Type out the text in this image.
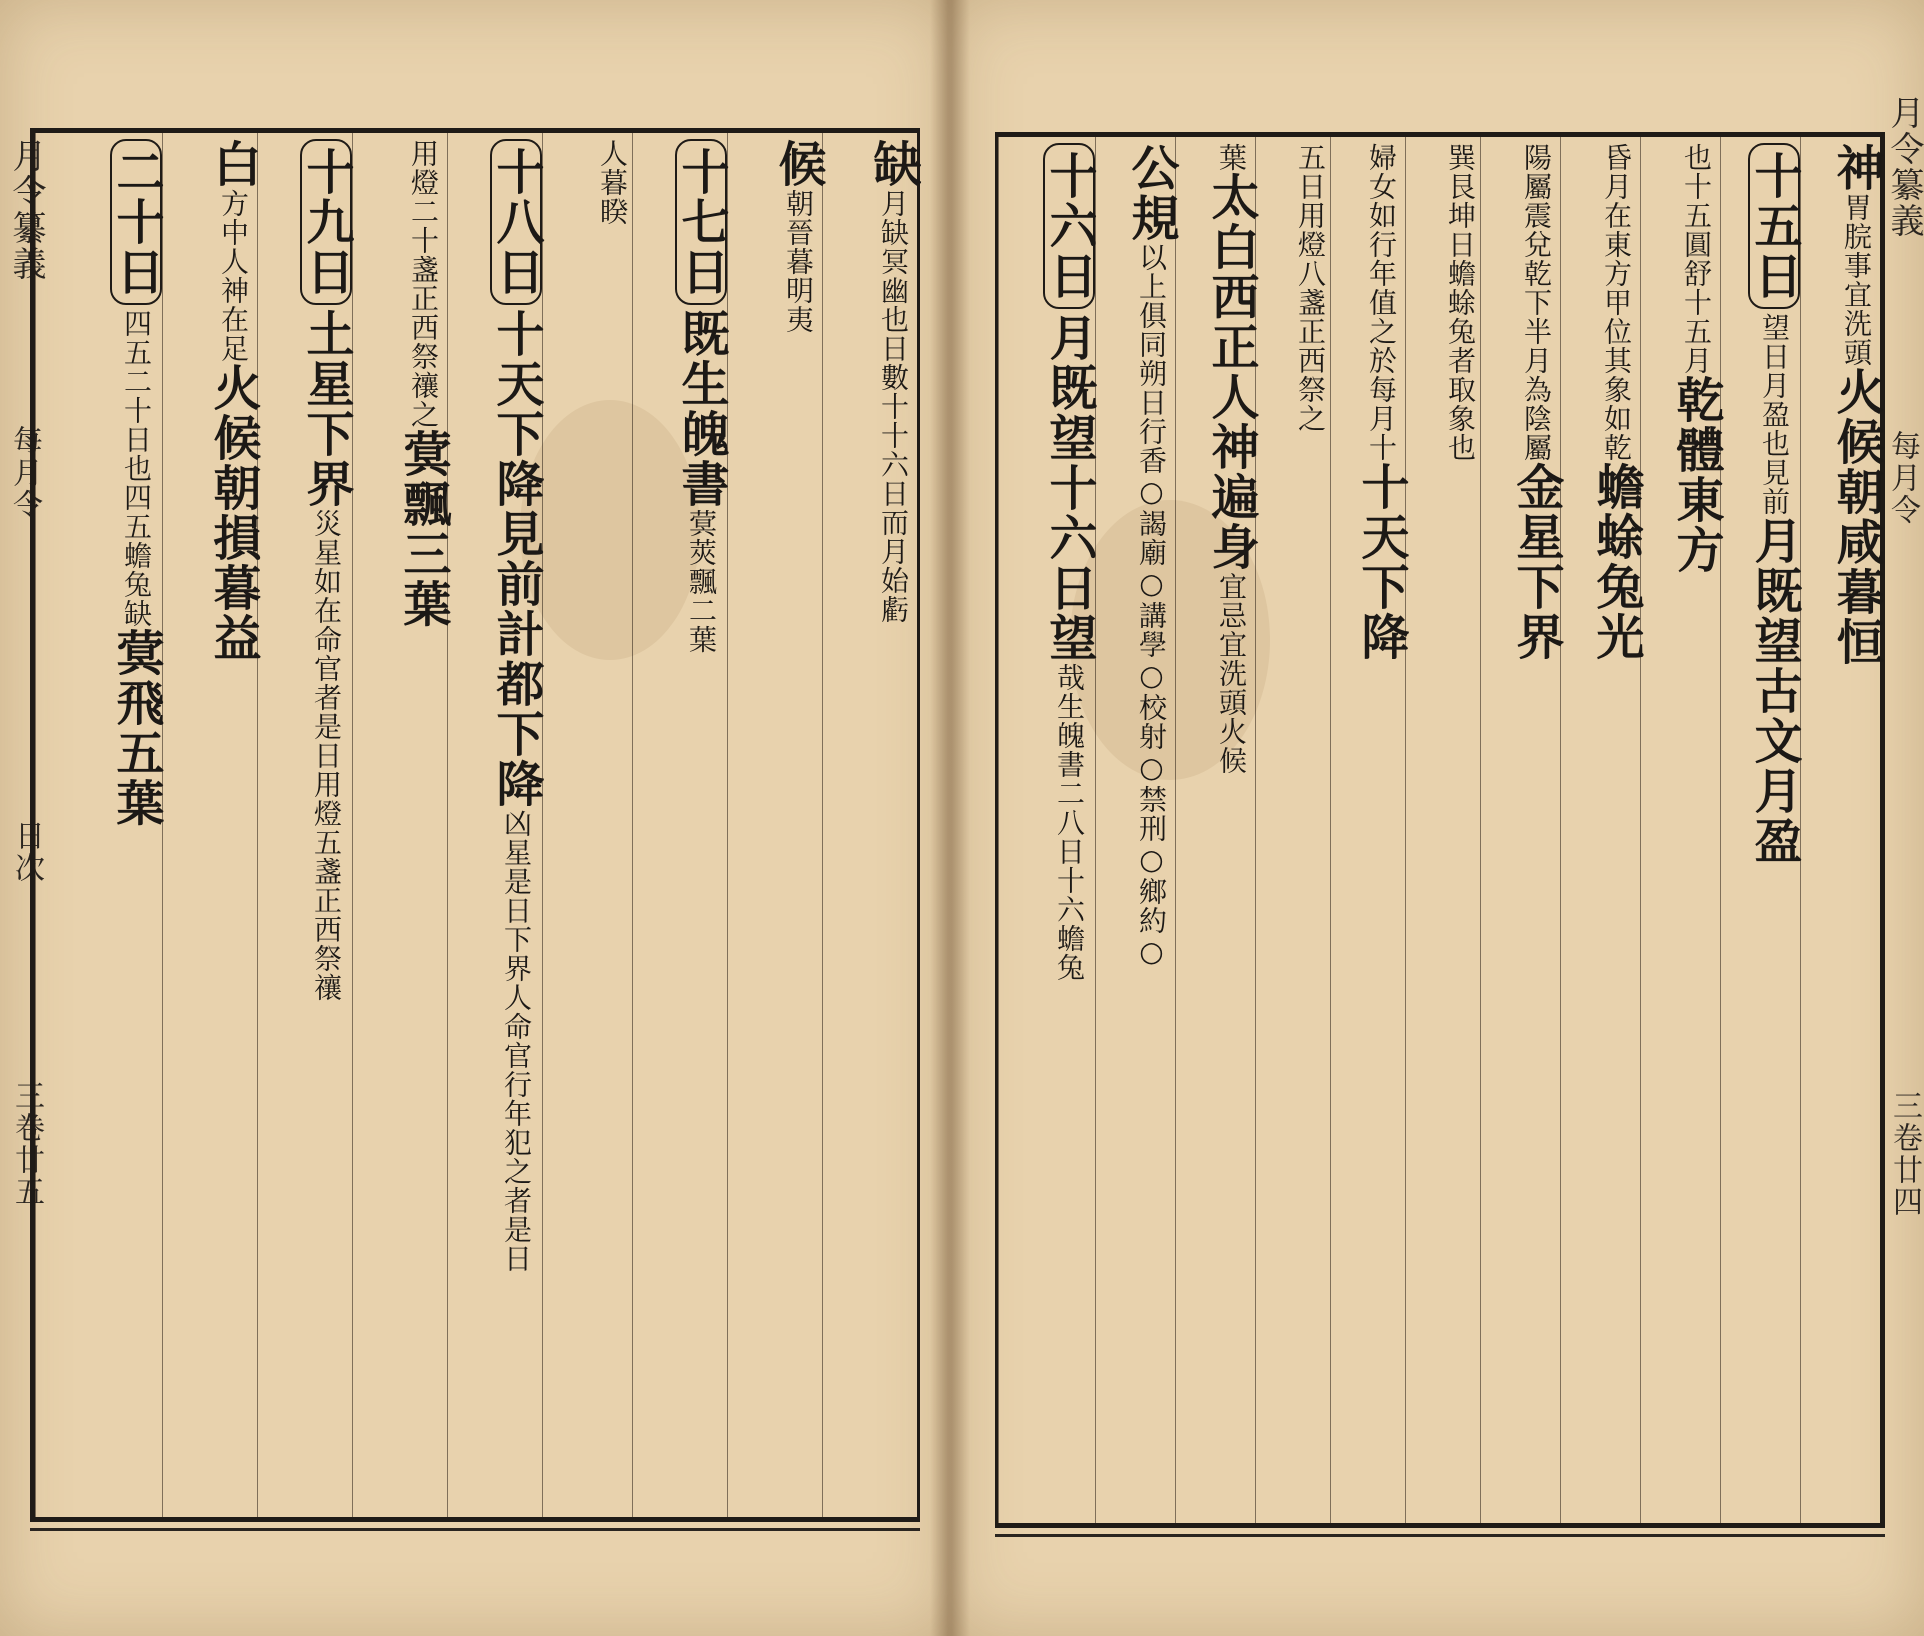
月令纂義
每月令
日次
三卷廿五
缺月缺冥幽也日數十十六日而月始虧
候朝晉暮明夷
十七日既生魄書蓂莢飄二葉
人暮睽
十八日十天下降見前計都下降凶星是日下界人命官行年犯之者是日
用燈二十盞正西祭禳之蓂飄三葉
十九日土星下界災星如在命官者是日用燈五盞正西祭禳
白方中人神在足火候朝損暮益
二十日四五二十日也四五蟾兔缺蓂飛五葉
月令纂義
每月令
三卷廿四
神胃脘事宜洗頭火候朝咸暮恒
十五日望日月盈也見前月既望古文月盈
也十五圓舒十五月乾體東方
昏月在東方甲位其象如乾蟾蜍兔光
陽屬震兌乾下半月為陰屬金星下界
巽艮坤日蟾蜍兔者取象也
婦女如行年值之於每月十十天下降
五日用燈八盞正西祭之
葉太白西正人神遍身宜忌宜洗頭火候
公規以上俱同朔日行香○謁廟○講學○校射○禁刑○鄉約○
十六日月既望十六日望哉生魄書二八日十六蟾兔
